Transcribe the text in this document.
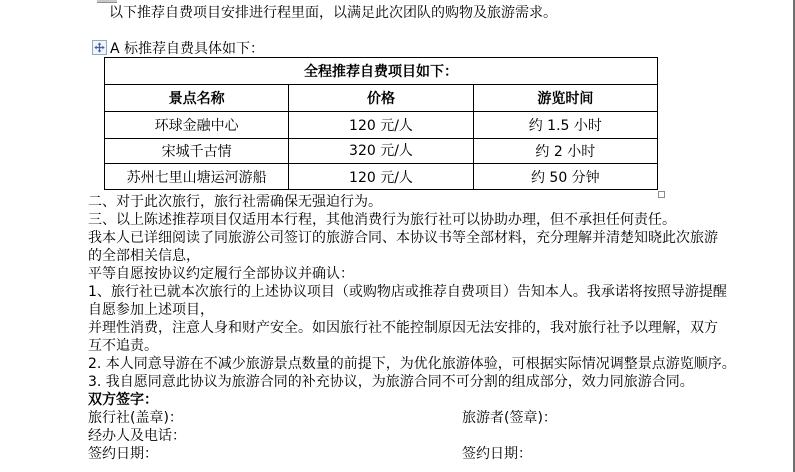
以下推荐自费项目安排进行程里面，以满足此次团队的购物及旅游需求。
A 标推荐自费具体如下：
全程推荐自费项目如下：		
景点名称	价格	游览时间
环球金融中心	120 元/人	约 1.5 小时
宋城千古情	320 元/人	约 2 小时
苏州七里山塘运河游船	120 元/人	约 50 分钟
二、对于此次旅行，旅行社需确保无强迫行为。
三、以上陈述推荐项目仅适用本行程，其他消费行为旅行社可以协助办理，但不承担任何责任。
我本人已详细阅读了同旅游公司签订的旅游合同、本协议书等全部材料，充分理解并清楚知晓此次旅游
的全部相关信息，
平等自愿按协议约定履行全部协议并确认：
1、旅行社已就本次旅行的上述协议项目（或购物店或推荐自费项目）告知本人。我承诺将按照导游提醒
自愿参加上述项目，
并理性消费，注意人身和财产安全。如因旅行社不能控制原因无法安排的，我对旅行社予以理解，双方
互不追责。
2. 本人同意导游在不减少旅游景点数量的前提下，为优化旅游体验，可根据实际情况调整景点游览顺序。
3. 我自愿同意此协议为旅游合同的补充协议，为旅游合同不可分割的组成部分，效力同旅游合同。
双方签字：
旅行社(盖章)：	旅游者(签章)：
经办人及电话：
签约日期：	签约日期：
